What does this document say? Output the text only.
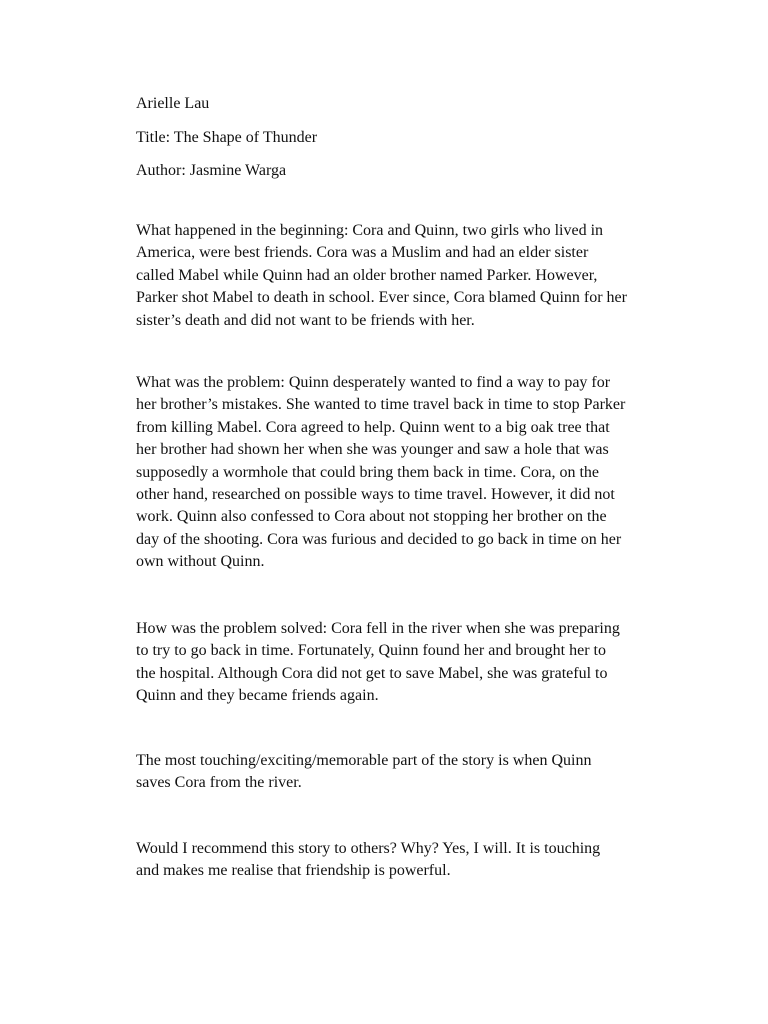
Arielle Lau

Title: The Shape of Thunder

Author: Jasmine Warga

What happened in the beginning: Cora and Quinn, two girls who lived in
America, were best friends. Cora was a Muslim and had an elder sister
called Mabel while Quinn had an older brother named Parker. However,
Parker shot Mabel to death in school. Ever since, Cora blamed Quinn for her
sister’s death and did not want to be friends with her.

What was the problem: Quinn desperately wanted to find a way to pay for
her brother’s mistakes. She wanted to time travel back in time to stop Parker
from killing Mabel. Cora agreed to help. Quinn went to a big oak tree that
her brother had shown her when she was younger and saw a hole that was
supposedly a wormhole that could bring them back in time. Cora, on the
other hand, researched on possible ways to time travel. However, it did not
work. Quinn also confessed to Cora about not stopping her brother on the
day of the shooting. Cora was furious and decided to go back in time on her
own without Quinn.

How was the problem solved: Cora fell in the river when she was preparing
to try to go back in time. Fortunately, Quinn found her and brought her to
the hospital. Although Cora did not get to save Mabel, she was grateful to
Quinn and they became friends again.

The most touching/exciting/memorable part of the story is when Quinn
saves Cora from the river.

Would I recommend this story to others? Why? Yes, I will. It is touching
and makes me realise that friendship is powerful.
